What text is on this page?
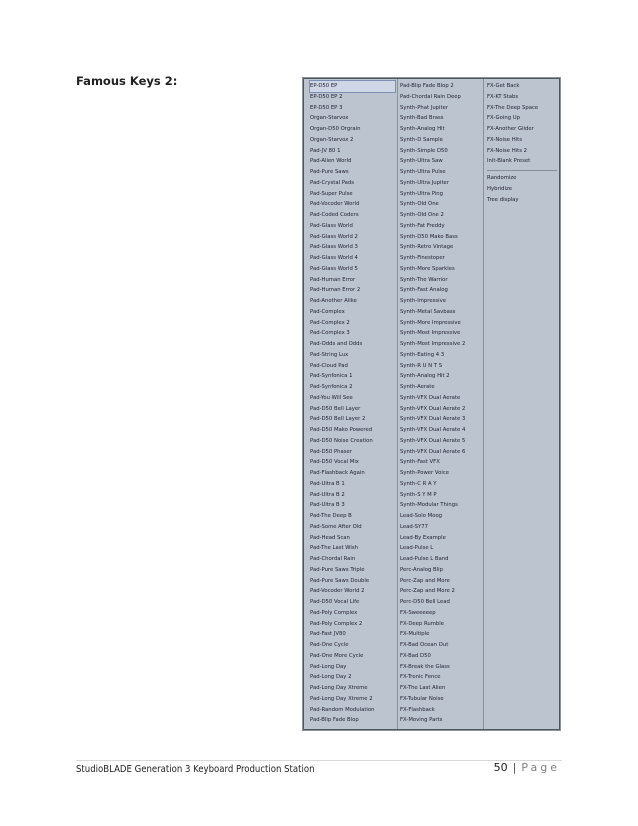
Famous Keys 2:	EP-D50 EP
EP-D50 EP 2
EP-D50 EP 3
Organ-Starvox
Organ-D50 Orgrain
Organ-Starvox 2
Pad-JV 80 1
Pad-Alien World
Pad-Pure Saws
Pad-Crystal Pads
Pad-Super Pulse
Pad-Vocoder World
Pad-Coded Coders
Pad-Glass World
Pad-Glass World 2
Pad-Glass World 3
Pad-Glass World 4
Pad-Glass World 5
Pad-Human Error
Pad-Human Error 2
Pad-Another Alike
Pad-Complex
Pad-Complex 2
Pad-Complex 3
Pad-Odds and Odds
Pad-String Lux
Pad-Cloud Pad
Pad-Synfonica 1
Pad-Synfonica 2
Pad-You Will See
Pad-D50 Bell Layer
Pad-D50 Bell Layer 2
Pad-D50 Mako Powered
Pad-D50 Noise Creation
Pad-D50 Phaser
Pad-D50 Vocal Mix
Pad-Flashback Again
Pad-Ultra B 1
Pad-Ultra B 2
Pad-Ultra B 3
Pad-The Deep B
Pad-Some After Old
Pad-Head Scan
Pad-The Last Wish
Pad-Chordal Rain
Pad-Pure Saws Triple
Pad-Pure Saws Double
Pad-Vocoder World 2
Pad-D50 Vocal Life
Pad-Poly Complex
Pad-Poly Complex 2
Pad-Fast JV80
Pad-One Cycle
Pad-One More Cycle
Pad-Long Day
Pad-Long Day 2
Pad-Long Day Xtreme
Pad-Long Day Xtreme 2
Pad-Random Modulation
Pad-Blip Fade Blop
Pad-Blip Fade Blop 2
Pad-Chordal Rain Deep
Synth-Phat Jupiter
Synth-Bad Brass
Synth-Analog Hit
Synth-D Sample
Synth-Simple D50
Synth-Ultra Saw
Synth-Ultra Pulse
Synth-Ultra Jupiter
Synth-Ultra Ping
Synth-Old One
Synth-Old One 2
Synth-Fat Freddy
Synth-D50 Mako Bass
Synth-Retro Vintage
Synth-Finestoper
Synth-More Sparkles
Synth-The Warrior
Synth-Fast Analog
Synth-Impressive
Synth-Metal Savbass
Synth-More Impressive
Synth-Most Impressive
Synth-Most Impressive 2
Synth-Eating 4 3
Synth-R U N T S
Synth-Analog Hit 2
Synth-Aerate
Synth-VFX Dual Aerate
Synth-VFX Dual Aerate 2
Synth-VFX Dual Aerate 3
Synth-VFX Dual Aerate 4
Synth-VFX Dual Aerate 5
Synth-VFX Dual Aerate 6
Synth-Fast VFX
Synth-Power Voice
Synth-C R A Y
Synth-S Y M P
Synth-Modular Things
Lead-Solo Moog
Lead-SY77
Lead-By Example
Lead-Pulse L
Lead-Pulse L Band
Perc-Analog Blip
Perc-Zap and More
Perc-Zap and More 2
Perc-D50 Bell Lead
FX-Sweeeeep
FX-Deep Rumble
FX-Multiple
FX-Bad Ocean Out
FX-Bad D50
FX-Break the Glass
FX-Tronic Fence
FX-The Last Alien
FX-Tubular Noise
FX-Flashback
FX-Moving Parts
FX-Get Back
FX-KT Stabs
FX-The Deep Space
FX-Going Up
FX-Another Glider
FX-Noise Hits
FX-Noise Hits 2
Init-Blank Preset
Randomize
Hybridize
Tree display
StudioBLADE Generation 3 Keyboard Production Station	50 | Page
